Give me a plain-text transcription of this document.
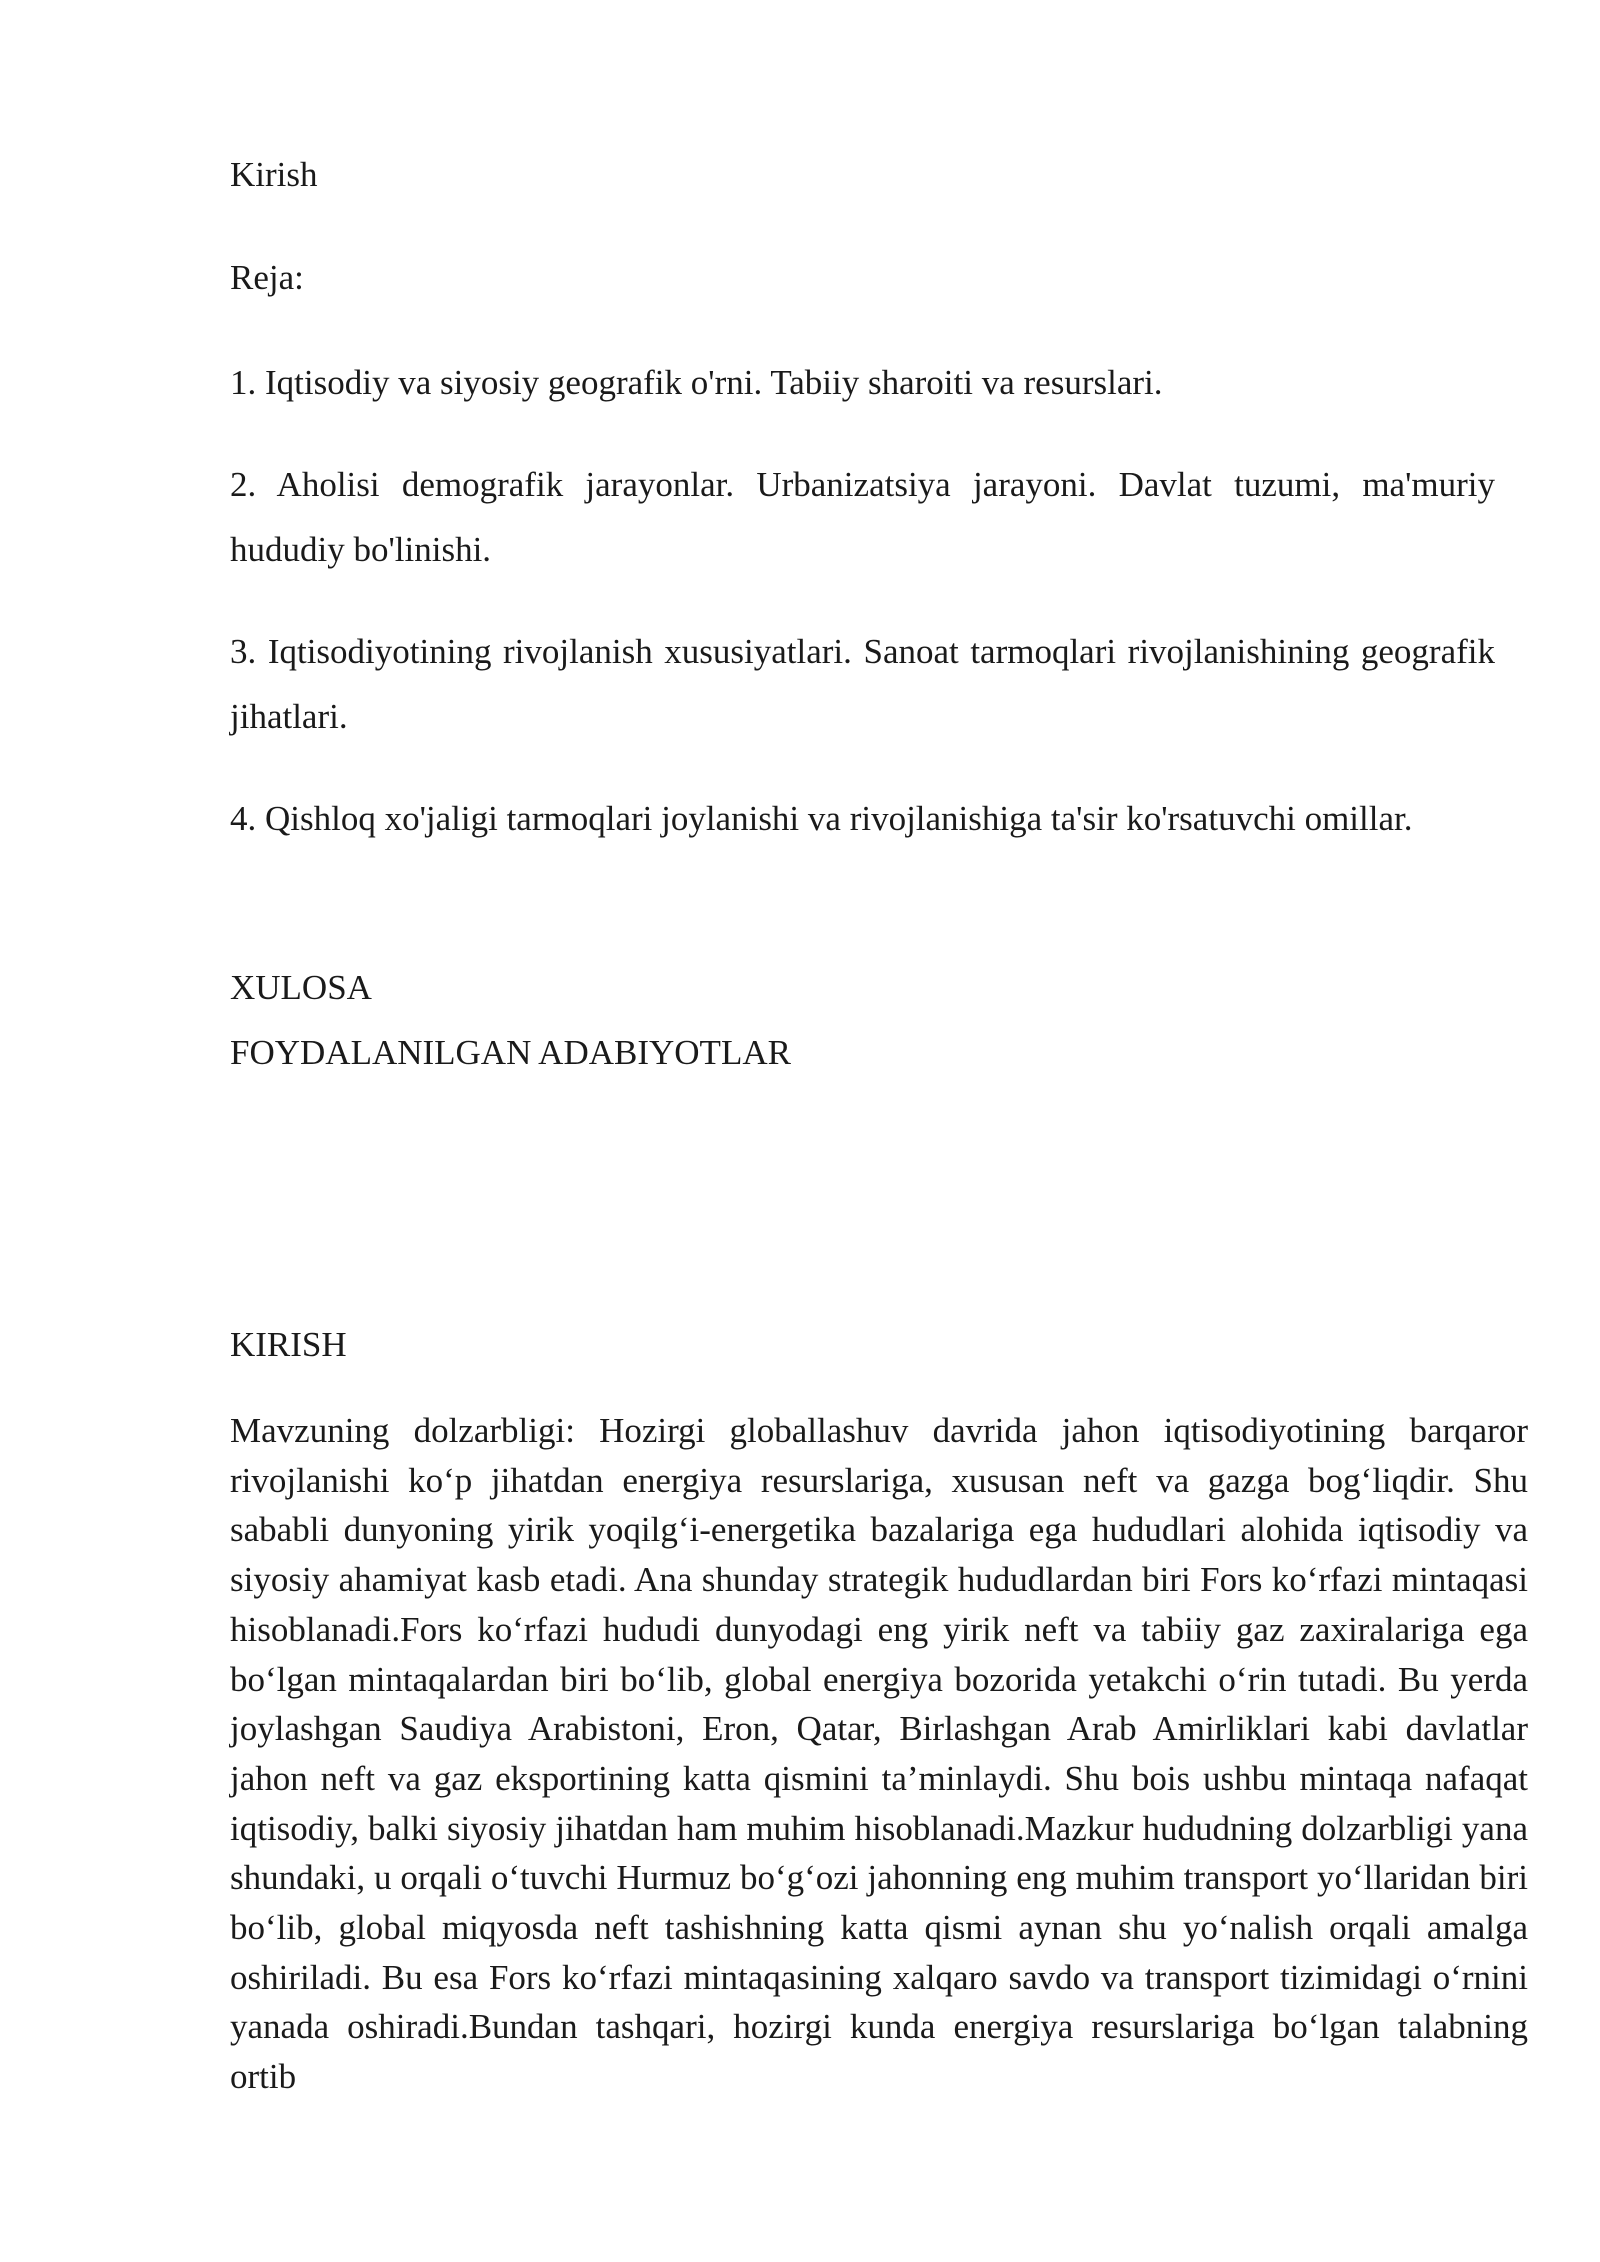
Kirish
Reja:
1. Iqtisodiy va siyosiy geografik o'rni. Tabiiy sharoiti va resurslari.
2. Aholisi demografik jarayonlar. Urbanizatsiya jarayoni. Davlat tuzumi, ma'muriy hududiy bo'linishi.
3. Iqtisodiyotining rivojlanish xususiyatlari. Sanoat tarmoqlari rivojlanishining geografik jihatlari.
4. Qishloq xo'jaligi tarmoqlari joylanishi va rivojlanishiga ta'sir ko'rsatuvchi omillar.
XULOSA
FOYDALANILGAN ADABIYOTLAR
KIRISH
Mavzuning dolzarbligi: Hozirgi globallashuv davrida jahon iqtisodiyotining barqaror rivojlanishi ko‘p jihatdan energiya resurslariga, xususan neft va gazga bog‘liqdir. Shu sababli dunyoning yirik yoqilg‘i-energetika bazalariga ega hududlari alohida iqtisodiy va siyosiy ahamiyat kasb etadi. Ana shunday strategik hududlardan biri Fors ko‘rfazi mintaqasi hisoblanadi.Fors ko‘rfazi hududi dunyodagi eng yirik neft va tabiiy gaz zaxiralariga ega bo‘lgan mintaqalardan biri bo‘lib, global energiya bozorida yetakchi o‘rin tutadi. Bu yerda joylashgan Saudiya Arabistoni, Eron, Qatar, Birlashgan Arab Amirliklari kabi davlatlar jahon neft va gaz eksportining katta qismini ta’minlaydi. Shu bois ushbu mintaqa nafaqat iqtisodiy, balki siyosiy jihatdan ham muhim hisoblanadi.Mazkur hududning dolzarbligi yana shundaki, u orqali o‘tuvchi Hurmuz bo‘g‘ozi jahonning eng muhim transport yo‘llaridan biri bo‘lib, global miqyosda neft tashishning katta qismi aynan shu yo‘nalish orqali amalga oshiriladi. Bu esa Fors ko‘rfazi mintaqasining xalqaro savdo va transport tizimidagi o‘rnini yanada oshiradi.Bundan tashqari, hozirgi kunda energiya resurslariga bo‘lgan talabning ortib
